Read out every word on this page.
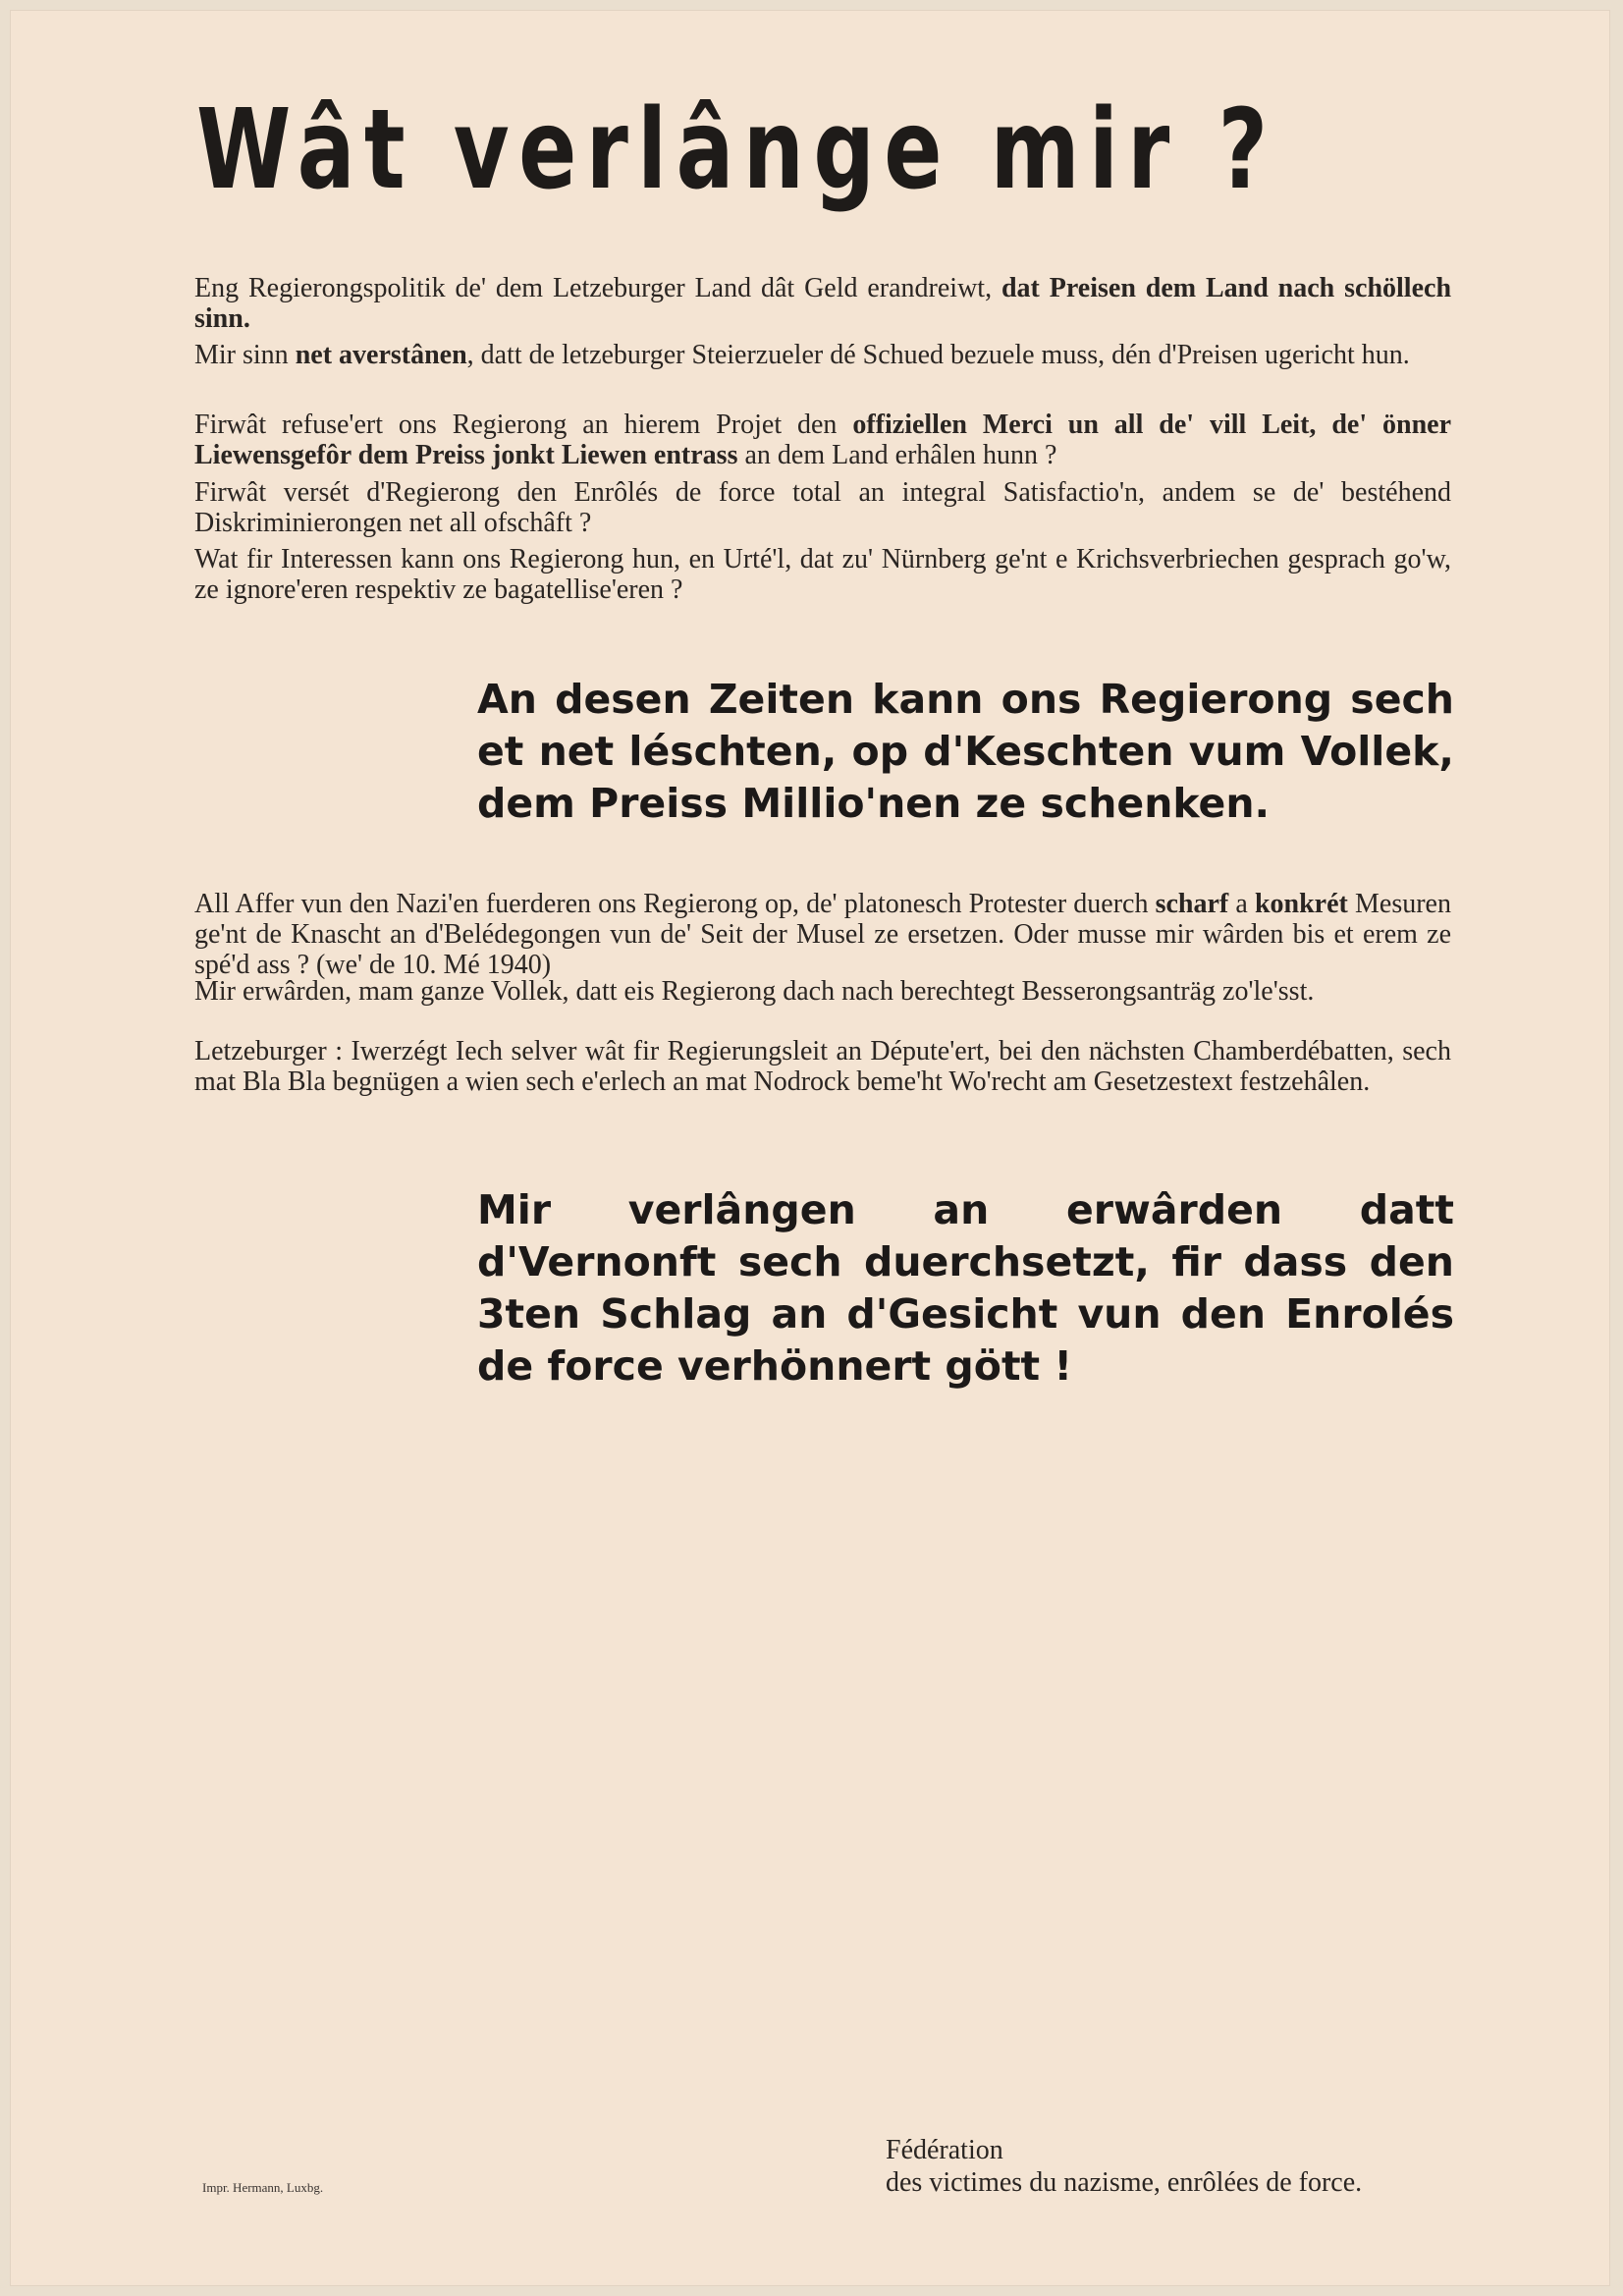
Wât verlânge mir ?

Eng Regierongspolitik de' dem Letzeburger Land dât Geld erandreiwt, dat Preisen dem Land nach schöllech sinn.

Mir sinn net averstânen, datt de letzeburger Steierzueler dé Schued bezuele muss, dén d'Preisen ugericht hun.

Firwât refuse'ert ons Regierong an hierem Projet den offiziellen Merci un all de' vill Leit, de' önner Liewensgefôr dem Preiss jonkt Liewen entrass an dem Land erhâlen hunn ?

Firwât versét d'Regierong den Enrôlés de force total an integral Satisfactio'n, andem se de' bestéhend Diskriminierongen net all ofschâft ?

Wat fir Interessen kann ons Regierong hun, en Urté'l, dat zu' Nürnberg ge'nt e Krichsverbriechen gesprach go'w, ze ignore'eren respektiv ze bagatellise'eren ?

An desen Zeiten kann ons Regierong sech et net léschten, op d'Keschten vum Vollek, dem Preiss Millio'nen ze schenken.

All Affer vun den Nazi'en fuerderen ons Regierong op, de' platonesch Protester duerch scharf a konkrét Mesuren ge'nt de Knascht an d'Belédegongen vun de' Seit der Musel ze ersetzen. Oder musse mir wârden bis et erem ze spé'd ass ? (we' de 10. Mé 1940)

Mir erwârden, mam ganze Vollek, datt eis Regierong dach nach berechtegt Besserongsanträg zo'le'sst.

Letzeburger : Iwerzégt Iech selver wât fir Regierungsleit an Députe'ert, bei den nächsten Chamberdébatten, sech mat Bla Bla begnügen a wien sech e'erlech an mat Nodrock beme'ht Wo'recht am Gesetzestext festzehâlen.

Mir verlângen an erwârden datt d'Vernonft sech duerchsetzt, fir dass den 3ten Schlag an d'Gesicht vun den Enrolés de force verhönnert gött !

Impr. Hermann, Luxbg.

Fédération
des victimes du nazisme, enrôlées de force.
